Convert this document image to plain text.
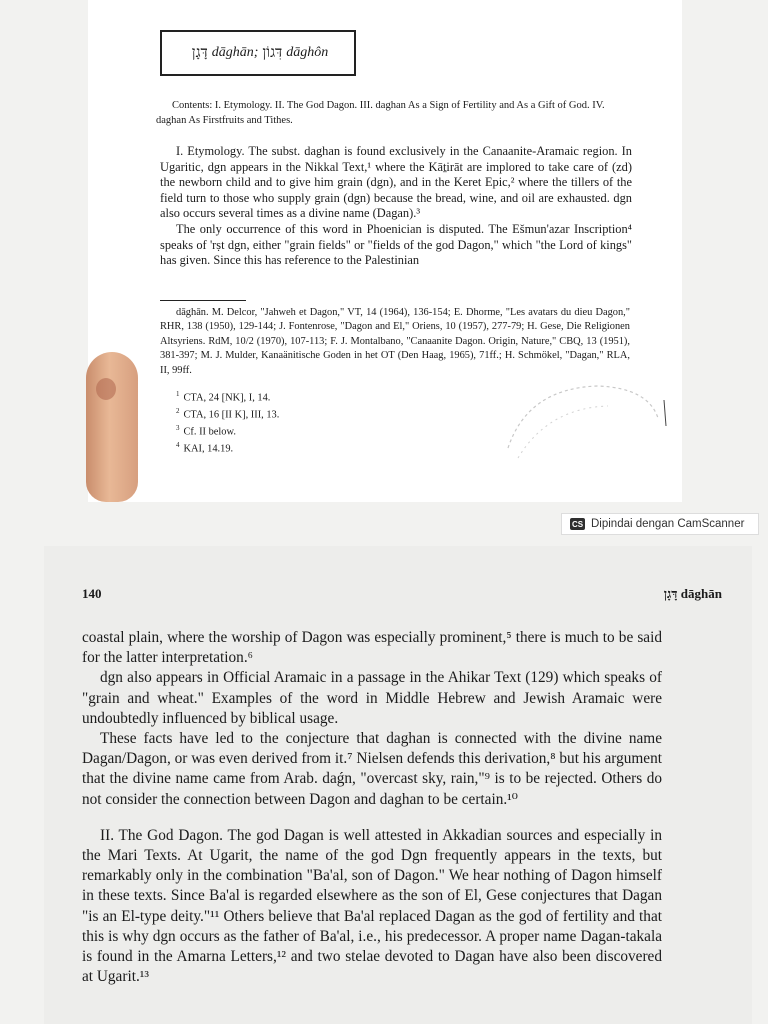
דָּגָן dāghān; דִּגוֹן dāghôn
Contents: I. Etymology. II. The God Dagon. III. daghan As a Sign of Fertility and As a Gift of God. IV. daghan As Firstfruits and Tithes.

I. Etymology. The subst. daghan is found exclusively in the Canaanite-Aramaic region. In Ugaritic, dgn appears in the Nikkal Text,¹ where the Kāṯirāt are implored to take care of (zd) the newborn child and to give him grain (dgn), and in the Keret Epic,² where the tillers of the field turn to those who supply grain (dgn) because the bread, wine, and oil are exhausted. dgn also occurs several times as a divine name (Dagan).³

The only occurrence of this word in Phoenician is disputed. The Ešmun'azar Inscription⁴ speaks of 'rṣt dgn, either "grain fields" or "fields of the god Dagon," which "the Lord of kings" has given. Since this has reference to the Palestinian

dāghān. M. Delcor, "Jahweh et Dagon," VT, 14 (1964), 136-154; E. Dhorme, "Les avatars du dieu Dagon," RHR, 138 (1950), 129-144; J. Fontenrose, "Dagon and El," Oriens, 10 (1957), 277-79; H. Gese, Die Religionen Altsyriens. RdM, 10/2 (1970), 107-113; F. J. Montalbano, "Canaanite Dagon. Origin, Nature," CBQ, 13 (1951), 381-397; M. J. Mulder, Kanaänitische Goden in het OT (Den Haag, 1965), 71ff.; H. Schmökel, "Dagan," RLA, II, 99ff.

$^1$ CTA, 24 [NK], I, 14.
$^2$ CTA, 16 [II K], III, 13.
$^3$ Cf. II below.
$^4$ KAI, 14.19.
CS Dipindai dengan CamScanner
140	דָּגָן dāghān

coastal plain, where the worship of Dagon was especially prominent,⁵ there is much to be said for the latter interpretation.⁶

dgn also appears in Official Aramaic in a passage in the Ahikar Text (129) which speaks of "grain and wheat." Examples of the word in Middle Hebrew and Jewish Aramaic were undoubtedly influenced by biblical usage.

These facts have led to the conjecture that daghan is connected with the divine name Dagan/Dagon, or was even derived from it.⁷ Nielsen defends this derivation,⁸ but his argument that the divine name came from Arab. daǵn, "overcast sky, rain,"⁹ is to be rejected. Others do not consider the connection between Dagon and daghan to be certain.¹⁰

II. The God Dagon. The god Dagan is well attested in Akkadian sources and especially in the Mari Texts. At Ugarit, the name of the god Dgn frequently appears in the texts, but remarkably only in the combination "Ba'al, son of Dagon." We hear nothing of Dagon himself in these texts. Since Ba'al is regarded elsewhere as the son of El, Gese conjectures that Dagan "is an El-type deity."¹¹ Others believe that Ba'al replaced Dagan as the god of fertility and that this is why dgn occurs as the father of Ba'al, i.e., his predecessor. A proper name Dagan-takala is found in the Amarna Letters,¹² and two stelae devoted to Dagan have also been discovered at Ugarit.¹³
